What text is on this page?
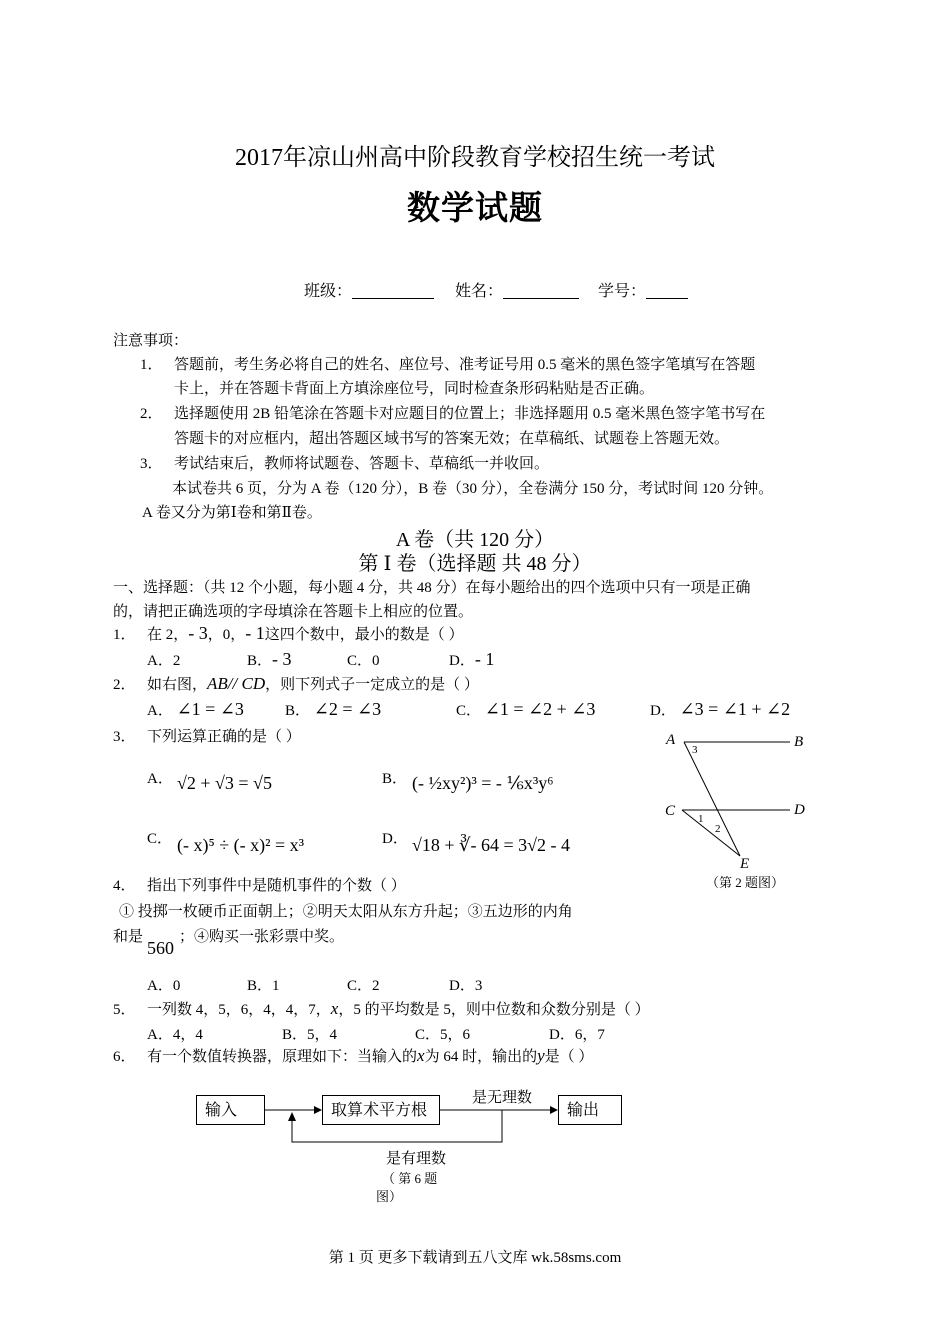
2017年凉山州高中阶段教育学校招生统一考试
数学试题
班级：	姓名：	学号：
注意事项：
1． 答题前，考生务必将自己的姓名、座位号、准考证号用 0.5 毫米的黑色签字笔填写在答题
卡上，并在答题卡背面上方填涂座位号，同时检查条形码粘贴是否正确。
2． 选择题使用 2B 铅笔涂在答题卡对应题目的位置上；非选择题用 0.5 毫米黑色签字笔书写在
答题卡的对应框内，超出答题区域书写的答案无效；在草稿纸、试题卷上答题无效。
3． 考试结束后，教师将试题卷、答题卡、草稿纸一并收回。
本试卷共 6 页，分为 A 卷（120 分），B 卷（30 分），全卷满分 150 分，考试时间 120 分钟。
A 卷又分为第Ⅰ卷和第Ⅱ卷。
A 卷（共 120 分）
第 Ⅰ 卷（选择题 共 48 分）
一、选择题：（共 12 个小题，每小题 4 分，共 48 分）在每小题给出的四个选项中只有一项是正确
的，请把正确选项的字母填涂在答题卡上相应的位置。
1． 在 2，- 3，0，- 1这四个数中，最小的数是（ ）
A．2	B．- 3	C．0	D．- 1
2． 如右图，AB// CD，则下列式子一定成立的是（ ）
A． ∠1 = ∠3	B． ∠2 = ∠3	C． ∠1 = ∠2 + ∠3	D． ∠3 = ∠1 + ∠2
3． 下列运算正确的是（ ）
A． √2 + √3 = √5	B． (- ½xy²)³ = - ⅙x³y⁶
C． (- x)⁵ ÷ (- x)² = x³	D． √18 + ∛- 64 = 3√2 - 4
A	B
C	D
E
3
1
2
（第 2 题图）
4． 指出下列事件中是随机事件的个数（ ）
① 投掷一枚硬币正面朝上；②明天太阳从东方升起；③五边形的内角
和是560；④购买一张彩票中奖。
A．0	B．1	C．2	D．3
5． 一列数 4，5，6，4，4，7，x，5 的平均数是 5，则中位数和众数分别是（ ）
A．4，4	B．5，4	C．5，6	D．6，7
6． 有一个数值转换器，原理如下：当输入的x为 64 时，输出的y是（ ）
输入	取算术平方根	输出
是无理数
是有理数
（ 第 6 题
图）
第 1 页 更多下载请到五八文库 wk.58sms.com
